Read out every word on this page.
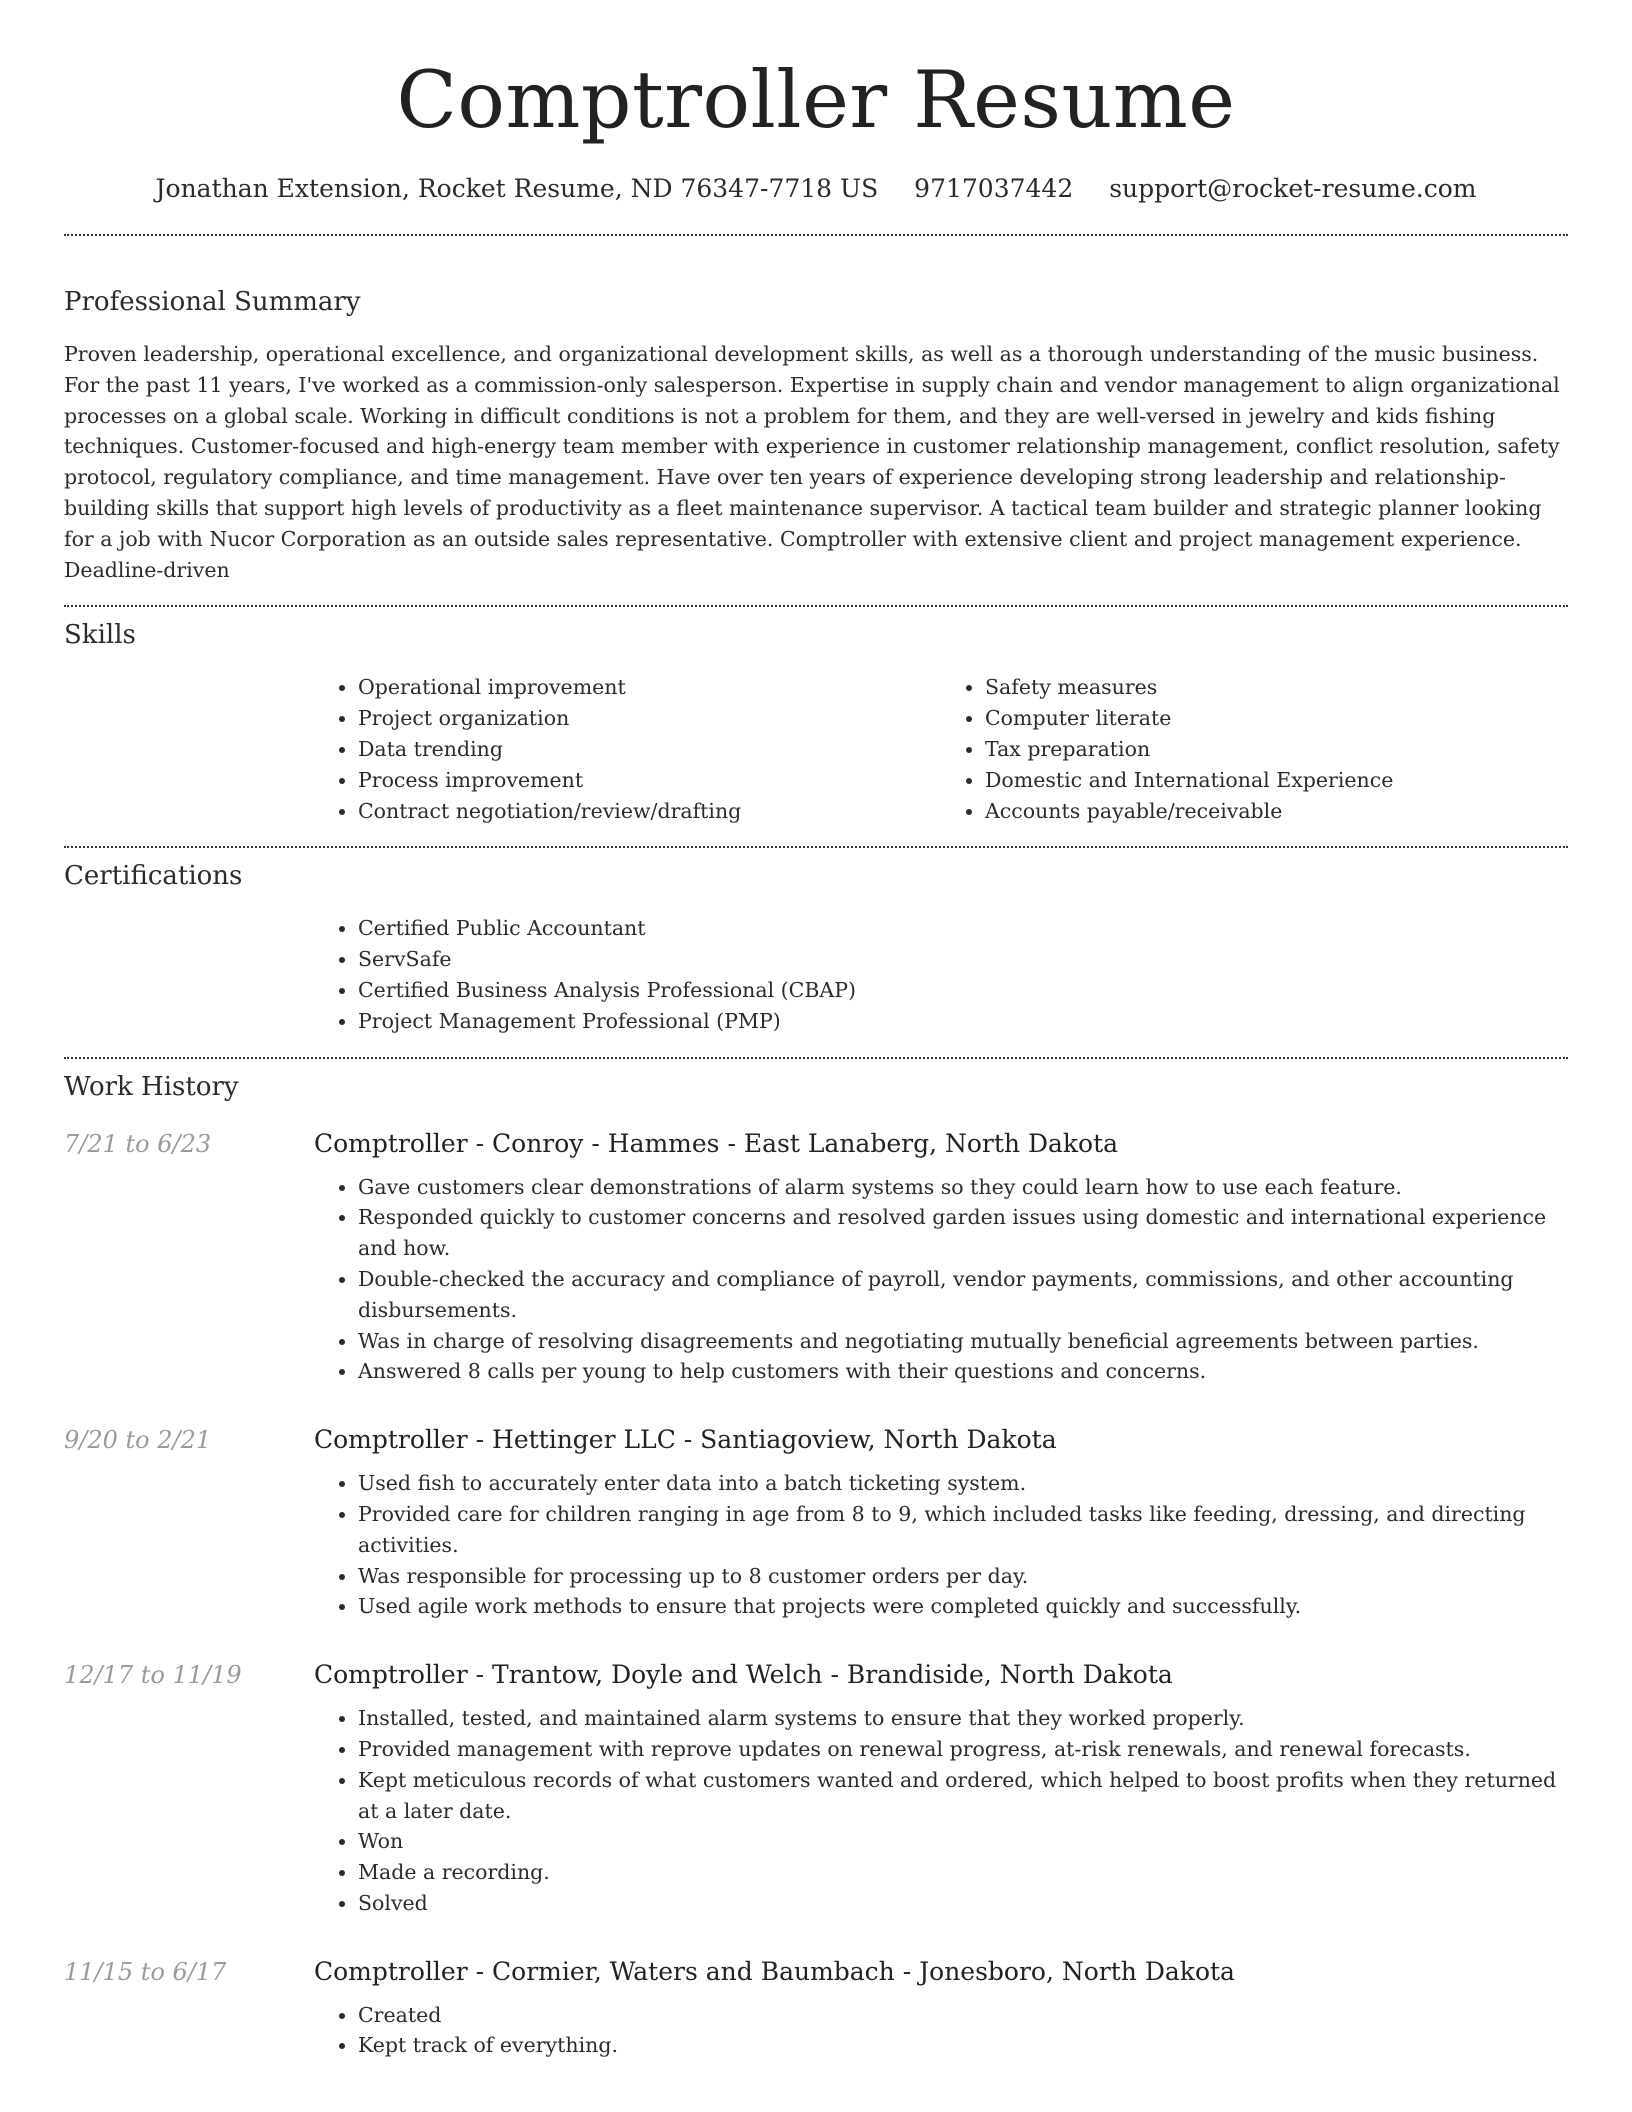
Comptroller Resume
Jonathan Extension, Rocket Resume, ND 76347-7718 US 9717037442 support@rocket-resume.com
Professional Summary

Proven leadership, operational excellence, and organizational development skills, as well as a thorough understanding of the music business. For the past 11 years, I've worked as a commission-only salesperson. Expertise in supply chain and vendor management to align organizational processes on a global scale. Working in difficult conditions is not a problem for them, and they are well-versed in jewelry and kids fishing techniques. Customer-focused and high-energy team member with experience in customer relationship management, conflict resolution, safety protocol, regulatory compliance, and time management. Have over ten years of experience developing strong leadership and relationship-building skills that support high levels of productivity as a fleet maintenance supervisor. A tactical team builder and strategic planner looking for a job with Nucor Corporation as an outside sales representative. Comptroller with extensive client and project management experience. Deadline-driven

Skills
• Operational improvement
• Project organization
• Data trending
• Process improvement
• Contract negotiation/review/drafting
• Safety measures
• Computer literate
• Tax preparation
• Domestic and International Experience
• Accounts payable/receivable
Certifications
• Certified Public Accountant
• ServSafe
• Certified Business Analysis Professional (CBAP)
• Project Management Professional (PMP)
Work History
7/21 to 6/23	Comptroller - Conroy - Hammes - East Lanaberg, North Dakota
• Gave customers clear demonstrations of alarm systems so they could learn how to use each feature.
• Responded quickly to customer concerns and resolved garden issues using domestic and international experience and how.
• Double-checked the accuracy and compliance of payroll, vendor payments, commissions, and other accounting disbursements.
• Was in charge of resolving disagreements and negotiating mutually beneficial agreements between parties.
• Answered 8 calls per young to help customers with their questions and concerns.
9/20 to 2/21	Comptroller - Hettinger LLC - Santiagoview, North Dakota
• Used fish to accurately enter data into a batch ticketing system.
• Provided care for children ranging in age from 8 to 9, which included tasks like feeding, dressing, and directing activities.
• Was responsible for processing up to 8 customer orders per day.
• Used agile work methods to ensure that projects were completed quickly and successfully.
12/17 to 11/19	Comptroller - Trantow, Doyle and Welch - Brandiside, North Dakota
• Installed, tested, and maintained alarm systems to ensure that they worked properly.
• Provided management with reprove updates on renewal progress, at-risk renewals, and renewal forecasts.
• Kept meticulous records of what customers wanted and ordered, which helped to boost profits when they returned at a later date.
• Won
• Made a recording.
• Solved
11/15 to 6/17	Comptroller - Cormier, Waters and Baumbach - Jonesboro, North Dakota
• Created
• Kept track of everything.
